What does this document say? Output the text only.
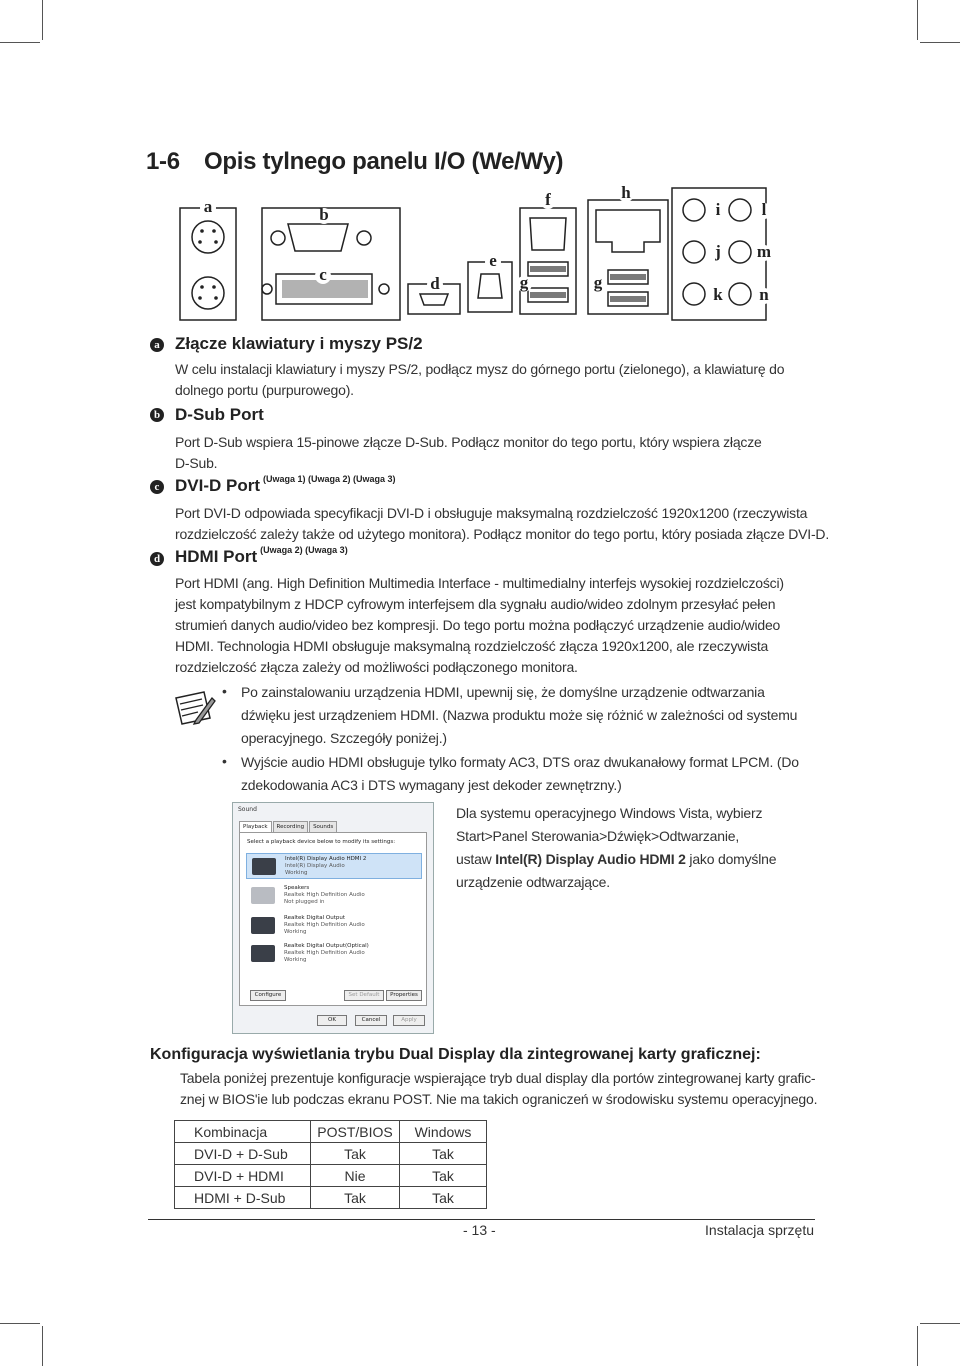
1-6 Opis tylnego panelu I/O (We/Wy)
a	b
c	d
e
f
g	g
h
i
j
k
l
m
n
a Złącze klawiatury i myszy PS/2
W celu instalacji klawiatury i myszy PS/2, podłącz mysz do górnego portu (zielonego), a klawiaturę do
dolnego portu (purpurowego).
b D-Sub Port
Port D-Sub wspiera 15-pinowe złącze D-Sub. Podłącz monitor do tego portu, który wspiera złącze
D-Sub.
c DVI-D Port $^{(Uwaga 1) (Uwaga 2) (Uwaga 3)}$
Port DVI-D odpowiada specyfikacji DVI-D i obsługuje maksymalną rozdzielczość 1920x1200 (rzeczywista
rozdzielczość zależy także od użytego monitora). Podłącz monitor do tego portu, który posiada złącze DVI-D.
d HDMI Port $^{(Uwaga 2) (Uwaga 3)}$
Port HDMI (ang. High Definition Multimedia Interface - multimedialny interfejs wysokiej rozdzielczości)
jest kompatybilnym z HDCP cyfrowym interfejsem dla sygnału audio/wideo zdolnym przesyłać pełen
strumień danych audio/video bez kompresji. Do tego portu można podłączyć urządzenie audio/wideo
HDMI. Technologia HDMI obsługuje maksymalną rozdzielczość złącza 1920x1200, ale rzeczywista
rozdzielczość złącza zależy od możliwości podłączonego monitora.
• Po zainstalowaniu urządzenia HDMI, upewnij się, że domyślne urządzenie odtwarzania
dźwięku jest urządzeniem HDMI. (Nazwa produktu może się różnić w zależności od systemu
operacyjnego. Szczegóły poniżej.)
• Wyjście audio HDMI obsługuje tylko formaty AC3, DTS oraz dwukanałowy format LPCM. (Do
zdekodowania AC3 i DTS wymagany jest dekoder zewnętrzny.)
Sound
Playback	Recording	Sounds
Select a playback device below to modify its settings:
Intel(R) Display Audio HDMI 2
Intel(R) Display Audio
Working
Speakers
Realtek High Definition Audio
Not plugged in
Realtek Digital Output
Realtek High Definition Audio
Working
Realtek Digital Output(Optical)
Realtek High Definition Audio
Working
Configure	Set Default	Properties
OK	Cancel	Apply
Dla systemu operacyjnego Windows Vista, wybierz
Start>Panel Sterowania>Dźwięk>Odtwarzanie,
ustaw Intel(R) Display Audio HDMI 2 jako domyślne
urządzenie odtwarzające.
Konfiguracja wyświetlania trybu Dual Display dla zintegrowanej karty graficznej:
Tabela poniżej prezentuje konfiguracje wspierające tryb dual display dla portów zintegrowanej karty grafic-
znej w BIOS'ie lub podczas ekranu POST. Nie ma takich ograniczeń w środowisku systemu operacyjnego.
Kombinacja	POST/BIOS	Windows
DVI-D + D-Sub	Tak	Tak
DVI-D + HDMI	Nie	Tak
HDMI + D-Sub	Tak	Tak
- 13 -	Instalacja sprzętu
